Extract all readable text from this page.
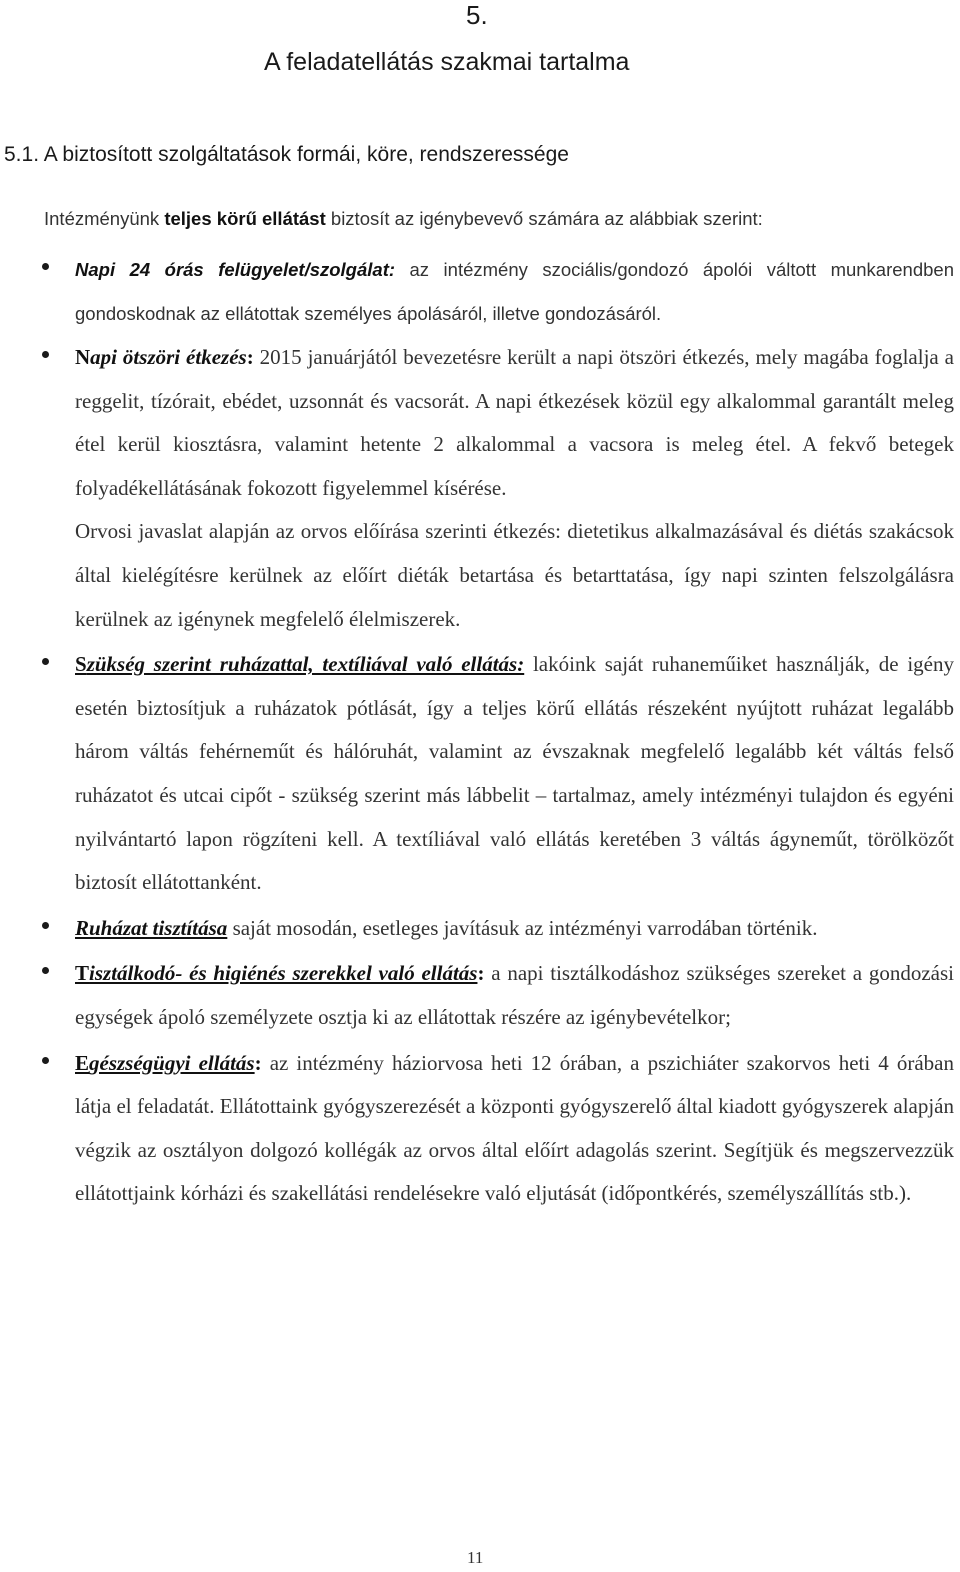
5.
A feladatellátás szakmai tartalma
5.1. A biztosított szolgáltatások formái, köre, rendszeressége
Intézményünk teljes körű ellátást biztosít az igénybevevő számára az alábbiak szerint:
Napi 24 órás felügyelet/szolgálat: az intézmény szociális/gondozó ápolói váltott munkarendben gondoskodnak az ellátottak személyes ápolásáról, illetve gondozásáról.
Napi ötszöri étkezés: 2015 januárjától bevezetésre került a napi ötszöri étkezés, mely magába foglalja a reggelit, tízórait, ebédet, uzsonnát és vacsorát. A napi étkezések közül egy alkalommal garantált meleg étel kerül kiosztásra, valamint hetente 2 alkalommal a vacsora is meleg étel. A fekvő betegek folyadékellátásának fokozott figyelemmel kísérése.
Orvosi javaslat alapján az orvos előírása szerinti étkezés: dietetikus alkalmazásával és diétás szakácsok által kielégítésre kerülnek az előírt diéták betartása és betarttatása, így napi szinten felszolgálásra kerülnek az igénynek megfelelő élelmiszerek.
Szükség szerint ruházattal, textíliával való ellátás: lakóink saját ruhaneműiket használják, de igény esetén biztosítjuk a ruházatok pótlását, így a teljes körű ellátás részeként nyújtott ruházat legalább három váltás fehérneműt és hálóruhát, valamint az évszaknak megfelelő legalább két váltás felső ruházatot és utcai cipőt - szükség szerint más lábbelit – tartalmaz, amely intézményi tulajdon és egyéni nyilvántartó lapon rögzíteni kell. A textíliával való ellátás keretében 3 váltás ágyneműt, törölközőt biztosít ellátottanként.
Ruházat tisztítása saját mosodán, esetleges javításuk az intézményi varrodában történik.
Tisztálkodó- és higiénés szerekkel való ellátás: a napi tisztálkodáshoz szükséges szereket a gondozási egységek ápoló személyzete osztja ki az ellátottak részére az igénybevételkor;
Egészségügyi ellátás: az intézmény háziorvosa heti 12 órában, a pszichiáter szakorvos heti 4 órában látja el feladatát. Ellátottaink gyógyszerezését a központi gyógyszerelő által kiadott gyógyszerek alapján végzik az osztályon dolgozó kollégák az orvos által előírt adagolás szerint. Segítjük és megszervezzük ellátottjaink kórházi és szakellátási rendelésekre való eljutását (időpontkérés, személyszállítás stb.).
11
